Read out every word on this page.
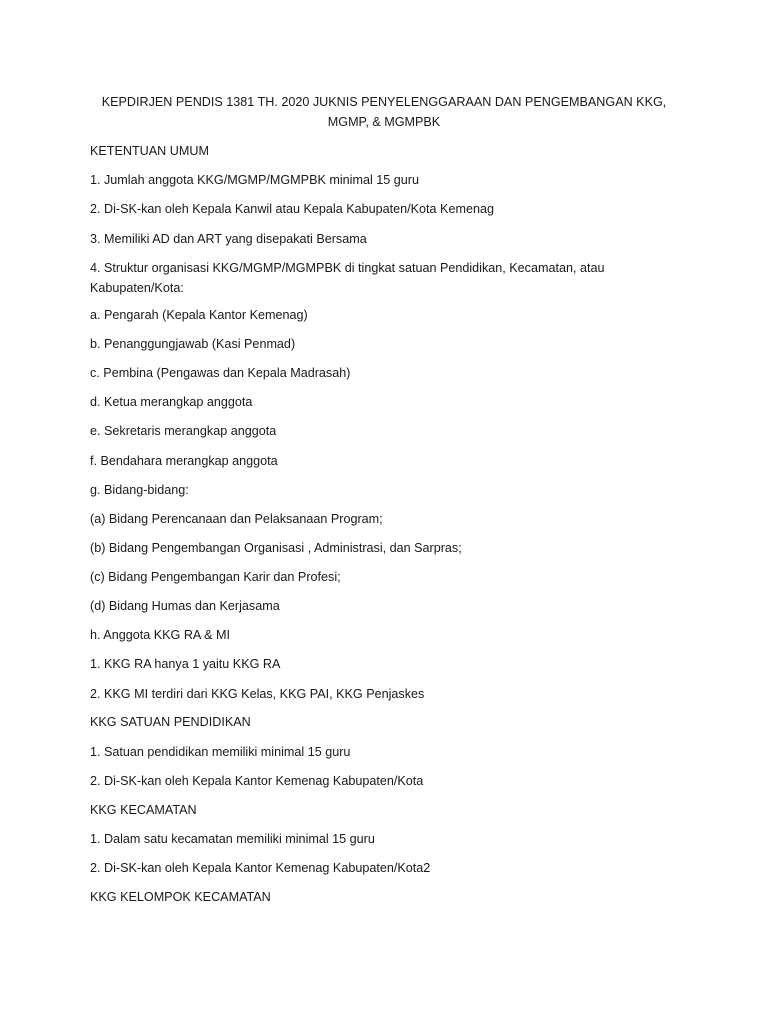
KEPDIRJEN PENDIS 1381 TH. 2020 JUKNIS PENYELENGGARAAN DAN PENGEMBANGAN KKG, MGMP, & MGMPBK
KETENTUAN UMUM
1. Jumlah anggota KKG/MGMP/MGMPBK minimal 15 guru
2. Di-SK-kan oleh Kepala Kanwil atau Kepala Kabupaten/Kota Kemenag
3. Memiliki AD dan ART yang disepakati Bersama
4. Struktur organisasi KKG/MGMP/MGMPBK di tingkat satuan Pendidikan, Kecamatan, atau Kabupaten/Kota:
a. Pengarah (Kepala Kantor Kemenag)
b. Penanggungjawab (Kasi Penmad)
c. Pembina (Pengawas dan Kepala Madrasah)
d. Ketua merangkap anggota
e. Sekretaris merangkap anggota
f. Bendahara merangkap anggota
g. Bidang-bidang:
(a) Bidang Perencanaan dan Pelaksanaan Program;
(b) Bidang Pengembangan Organisasi , Administrasi, dan Sarpras;
(c) Bidang Pengembangan Karir dan Profesi;
(d) Bidang Humas dan Kerjasama
h. Anggota KKG RA & MI
1. KKG RA hanya 1 yaitu KKG RA
2. KKG MI terdiri dari KKG Kelas, KKG PAI, KKG Penjaskes
KKG SATUAN PENDIDIKAN
1. Satuan pendidikan memiliki minimal 15 guru
2. Di-SK-kan oleh Kepala Kantor Kemenag Kabupaten/Kota
KKG KECAMATAN
1. Dalam satu kecamatan memiliki minimal 15 guru
2. Di-SK-kan oleh Kepala Kantor Kemenag Kabupaten/Kota2
KKG KELOMPOK KECAMATAN
